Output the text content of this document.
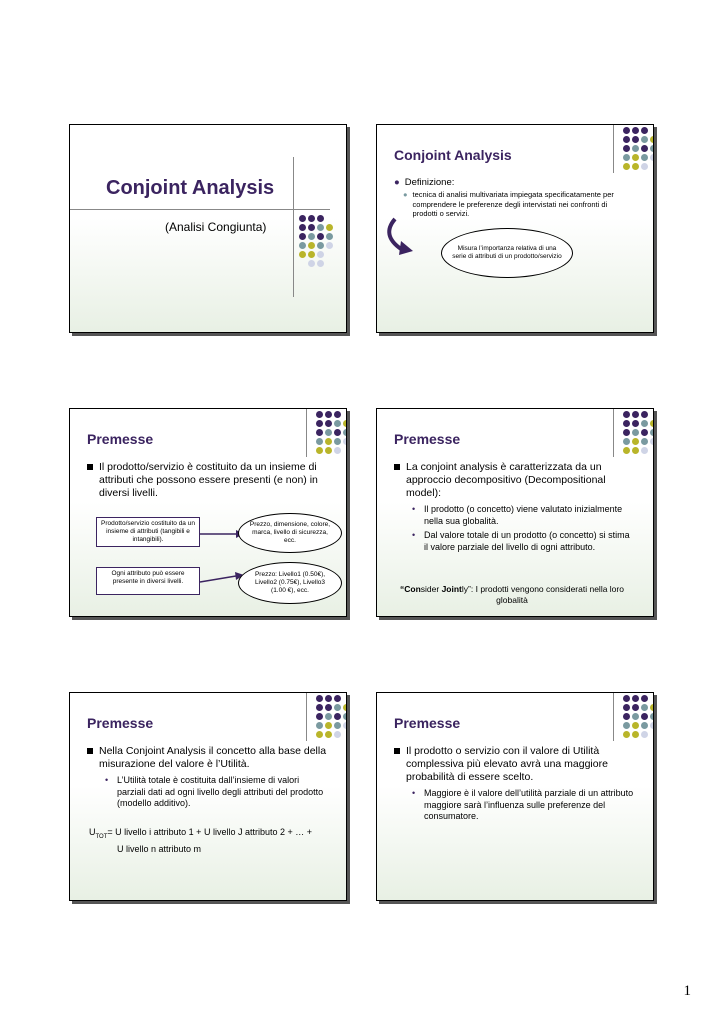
Conjoint Analysis
(Analisi Congiunta)
Conjoint Analysis
● Definizione:
● tecnica di analisi multivariata impiegata specificatamente per comprendere le preferenze degli intervistati nei confronti di prodotti o servizi.
Misura l’importanza relativa di una serie di attributi di un prodotto/servizio
Premesse
Il prodotto/servizio è costituito da un insieme di attributi che possono essere presenti (e non) in diversi livelli.
Prodotto/servizio costituito da un insieme di attributi (tangibili e intangibili).
Ogni attributo può essere presente in diversi livelli.
Prezzo, dimensione, colore, marca, livello di sicurezza, ecc.
Prezzo: Livello1 (0.50€), Livello2 (0.75€), Livello3 (1.00 €), ecc.
Premesse
La conjoint analysis è caratterizzata da un approccio decompositivo (Decompositional model):
• Il prodotto (o concetto) viene valutato inizialmente nella sua globalità.
• Dal valore totale di un prodotto (o concetto) si stima il valore parziale del livello di ogni attributo.
“Consider Jointly”: I prodotti vengono considerati nella loro globalità
Premesse
Nella Conjoint Analysis il concetto alla base della misurazione del valore è l’Utilità.
• L’Utilità totale è costituita dall’insieme di valori parziali dati ad ogni livello degli attributi del prodotto (modello additivo).
$U_{TOT}= U$ livello i attributo 1 + U livello J attributo 2 + … +
U livello n attributo m
Premesse
Il prodotto o servizio con il valore di Utilità complessiva più elevato avrà una maggiore probabilità di essere scelto.
• Maggiore è il valore dell’utilità parziale di un attributo maggiore sarà l’influenza sulle preferenze del consumatore.
1
